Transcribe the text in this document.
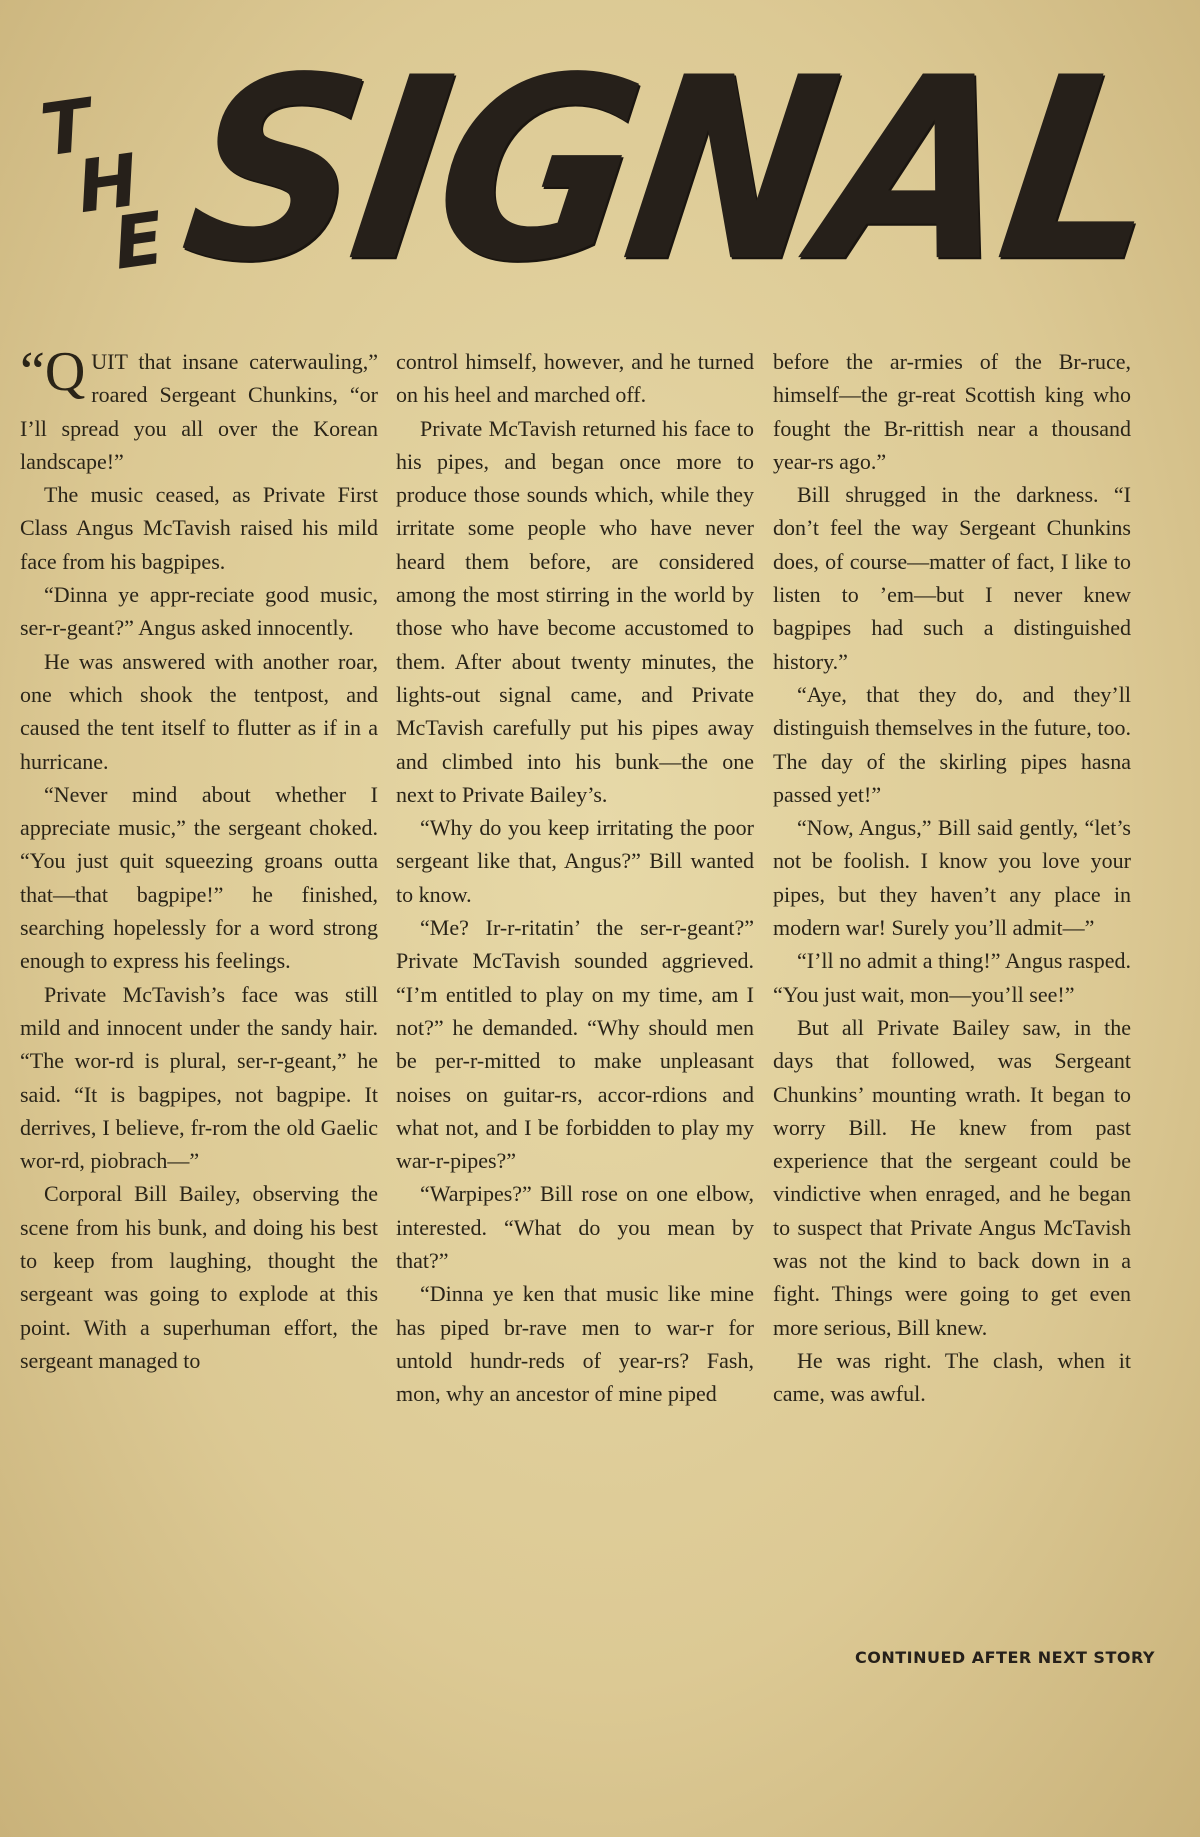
T
H
E SIGNAL

“QUIT that insane caterwauling,” roared Sergeant Chunkins, “or I’ll spread you all over the Korean landscape!”

The music ceased, as Private First Class Angus McTavish raised his mild face from his bagpipes.

“Dinna ye appr-reciate good music, ser-r-geant?” Angus asked innocently.

He was answered with another roar, one which shook the tentpost, and caused the tent itself to flutter as if in a hurricane.

“Never mind about whether I appreciate music,” the sergeant choked. “You just quit squeezing groans outta that—that bagpipe!” he finished, searching hopelessly for a word strong enough to express his feelings.

Private McTavish’s face was still mild and innocent under the sandy hair. “The wor-rd is plural, ser-r-geant,” he said. “It is bagpipes, not bagpipe. It derrives, I believe, fr-rom the old Gaelic wor-rd, piobrach—”

Corporal Bill Bailey, observing the scene from his bunk, and doing his best to keep from laughing, thought the sergeant was going to explode at this point. With a superhuman effort, the sergeant managed to

control himself, however, and he turned on his heel and marched off.

Private McTavish returned his face to his pipes, and began once more to produce those sounds which, while they irritate some people who have never heard them before, are considered among the most stirring in the world by those who have become accustomed to them. After about twenty minutes, the lights-out signal came, and Private McTavish carefully put his pipes away and climbed into his bunk—the one next to Private Bailey’s.

“Why do you keep irritating the poor sergeant like that, Angus?” Bill wanted to know.

“Me? Ir-r-ritatin’ the ser-r-geant?” Private McTavish sounded aggrieved. “I’m entitled to play on my time, am I not?” he demanded. “Why should men be per-r-mitted to make unpleasant noises on guitar-rs, accor-rdions and what not, and I be forbidden to play my war-r-pipes?”

“Warpipes?” Bill rose on one elbow, interested. “What do you mean by that?”

“Dinna ye ken that music like mine has piped br-rave men to war-r for untold hundr-reds of year-rs? Fash, mon, why an ancestor of mine piped

before the ar-rmies of the Br-ruce, himself—the gr-reat Scottish king who fought the Br-rittish near a thousand year-rs ago.”

Bill shrugged in the darkness. “I don’t feel the way Sergeant Chunkins does, of course—matter of fact, I like to listen to ’em—but I never knew bagpipes had such a distinguished history.”

“Aye, that they do, and they’ll distinguish themselves in the future, too. The day of the skirling pipes hasna passed yet!”

“Now, Angus,” Bill said gently, “let’s not be foolish. I know you love your pipes, but they haven’t any place in modern war! Surely you’ll admit—”

“I’ll no admit a thing!” Angus rasped. “You just wait, mon—you’ll see!”

But all Private Bailey saw, in the days that followed, was Sergeant Chunkins’ mounting wrath. It began to worry Bill. He knew from past experience that the sergeant could be vindictive when enraged, and he began to suspect that Private Angus McTavish was not the kind to back down in a fight. Things were going to get even more serious, Bill knew.

He was right. The clash, when it came, was awful.

CONTINUED AFTER NEXT STORY
